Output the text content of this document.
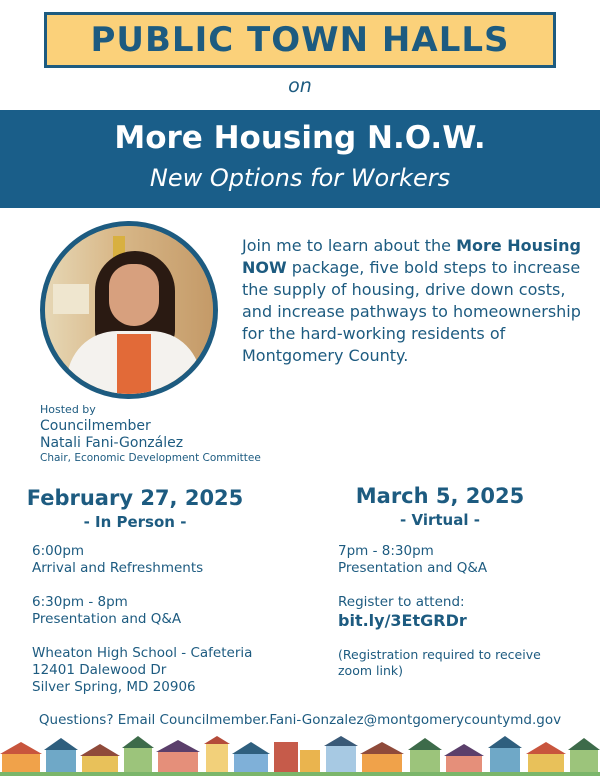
PUBLIC TOWN HALLS
on
More Housing N.O.W.
New Options for Workers
Join me to learn about the More Housing NOW package, five bold steps to increase the supply of housing, drive down costs, and increase pathways to homeownership for the hard-working residents of Montgomery County.
Hosted by
Councilmember
Natali Fani-González
Chair, Economic Development Committee
February 27, 2025
- In Person -
6:00pm
Arrival and Refreshments
6:30pm - 8pm
Presentation and Q&A
Wheaton High School - Cafeteria
12401 Dalewood Dr
Silver Spring, MD 20906
March 5, 2025
- Virtual -
7pm - 8:30pm
Presentation and Q&A
Register to attend:
bit.ly/3EtGRDr
(Registration required to receive
zoom link)
Questions? Email Councilmember.Fani-Gonzalez@montgomerycountymd.gov
